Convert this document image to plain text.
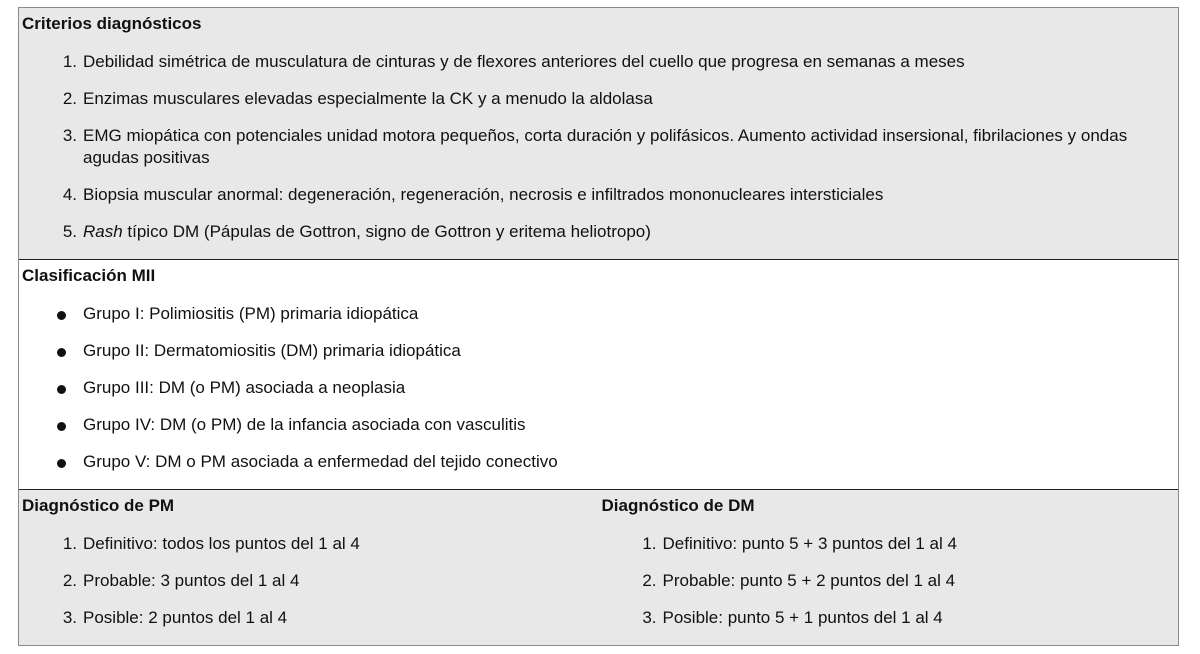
Criterios diagnósticos
1. Debilidad simétrica de musculatura de cinturas y de flexores anteriores del cuello que progresa en semanas a meses
2. Enzimas musculares elevadas especialmente la CK y a menudo la aldolasa
3. EMG miopática con potenciales unidad motora pequeños, corta duración y polifásicos. Aumento actividad insersional, fibrilaciones y ondas agudas positivas
4. Biopsia muscular anormal: degeneración, regeneración, necrosis e infiltrados mononucleares intersticiales
5. Rash típico DM (Pápulas de Gottron, signo de Gottron y eritema heliotropo)
Clasificación MII
Grupo I: Polimiositis (PM) primaria idiopática
Grupo II: Dermatomiositis (DM) primaria idiopática
Grupo III: DM (o PM) asociada a neoplasia
Grupo IV: DM (o PM) de la infancia asociada con vasculitis
Grupo V: DM o PM asociada a enfermedad del tejido conectivo
Diagnóstico de PM
1. Definitivo: todos los puntos del 1 al 4
2. Probable: 3 puntos del 1 al 4
3. Posible: 2 puntos del 1 al 4
Diagnóstico de DM
1. Definitivo: punto 5 + 3 puntos del 1 al 4
2. Probable: punto 5 + 2 puntos del 1 al 4
3. Posible: punto 5 + 1 puntos del 1 al 4
